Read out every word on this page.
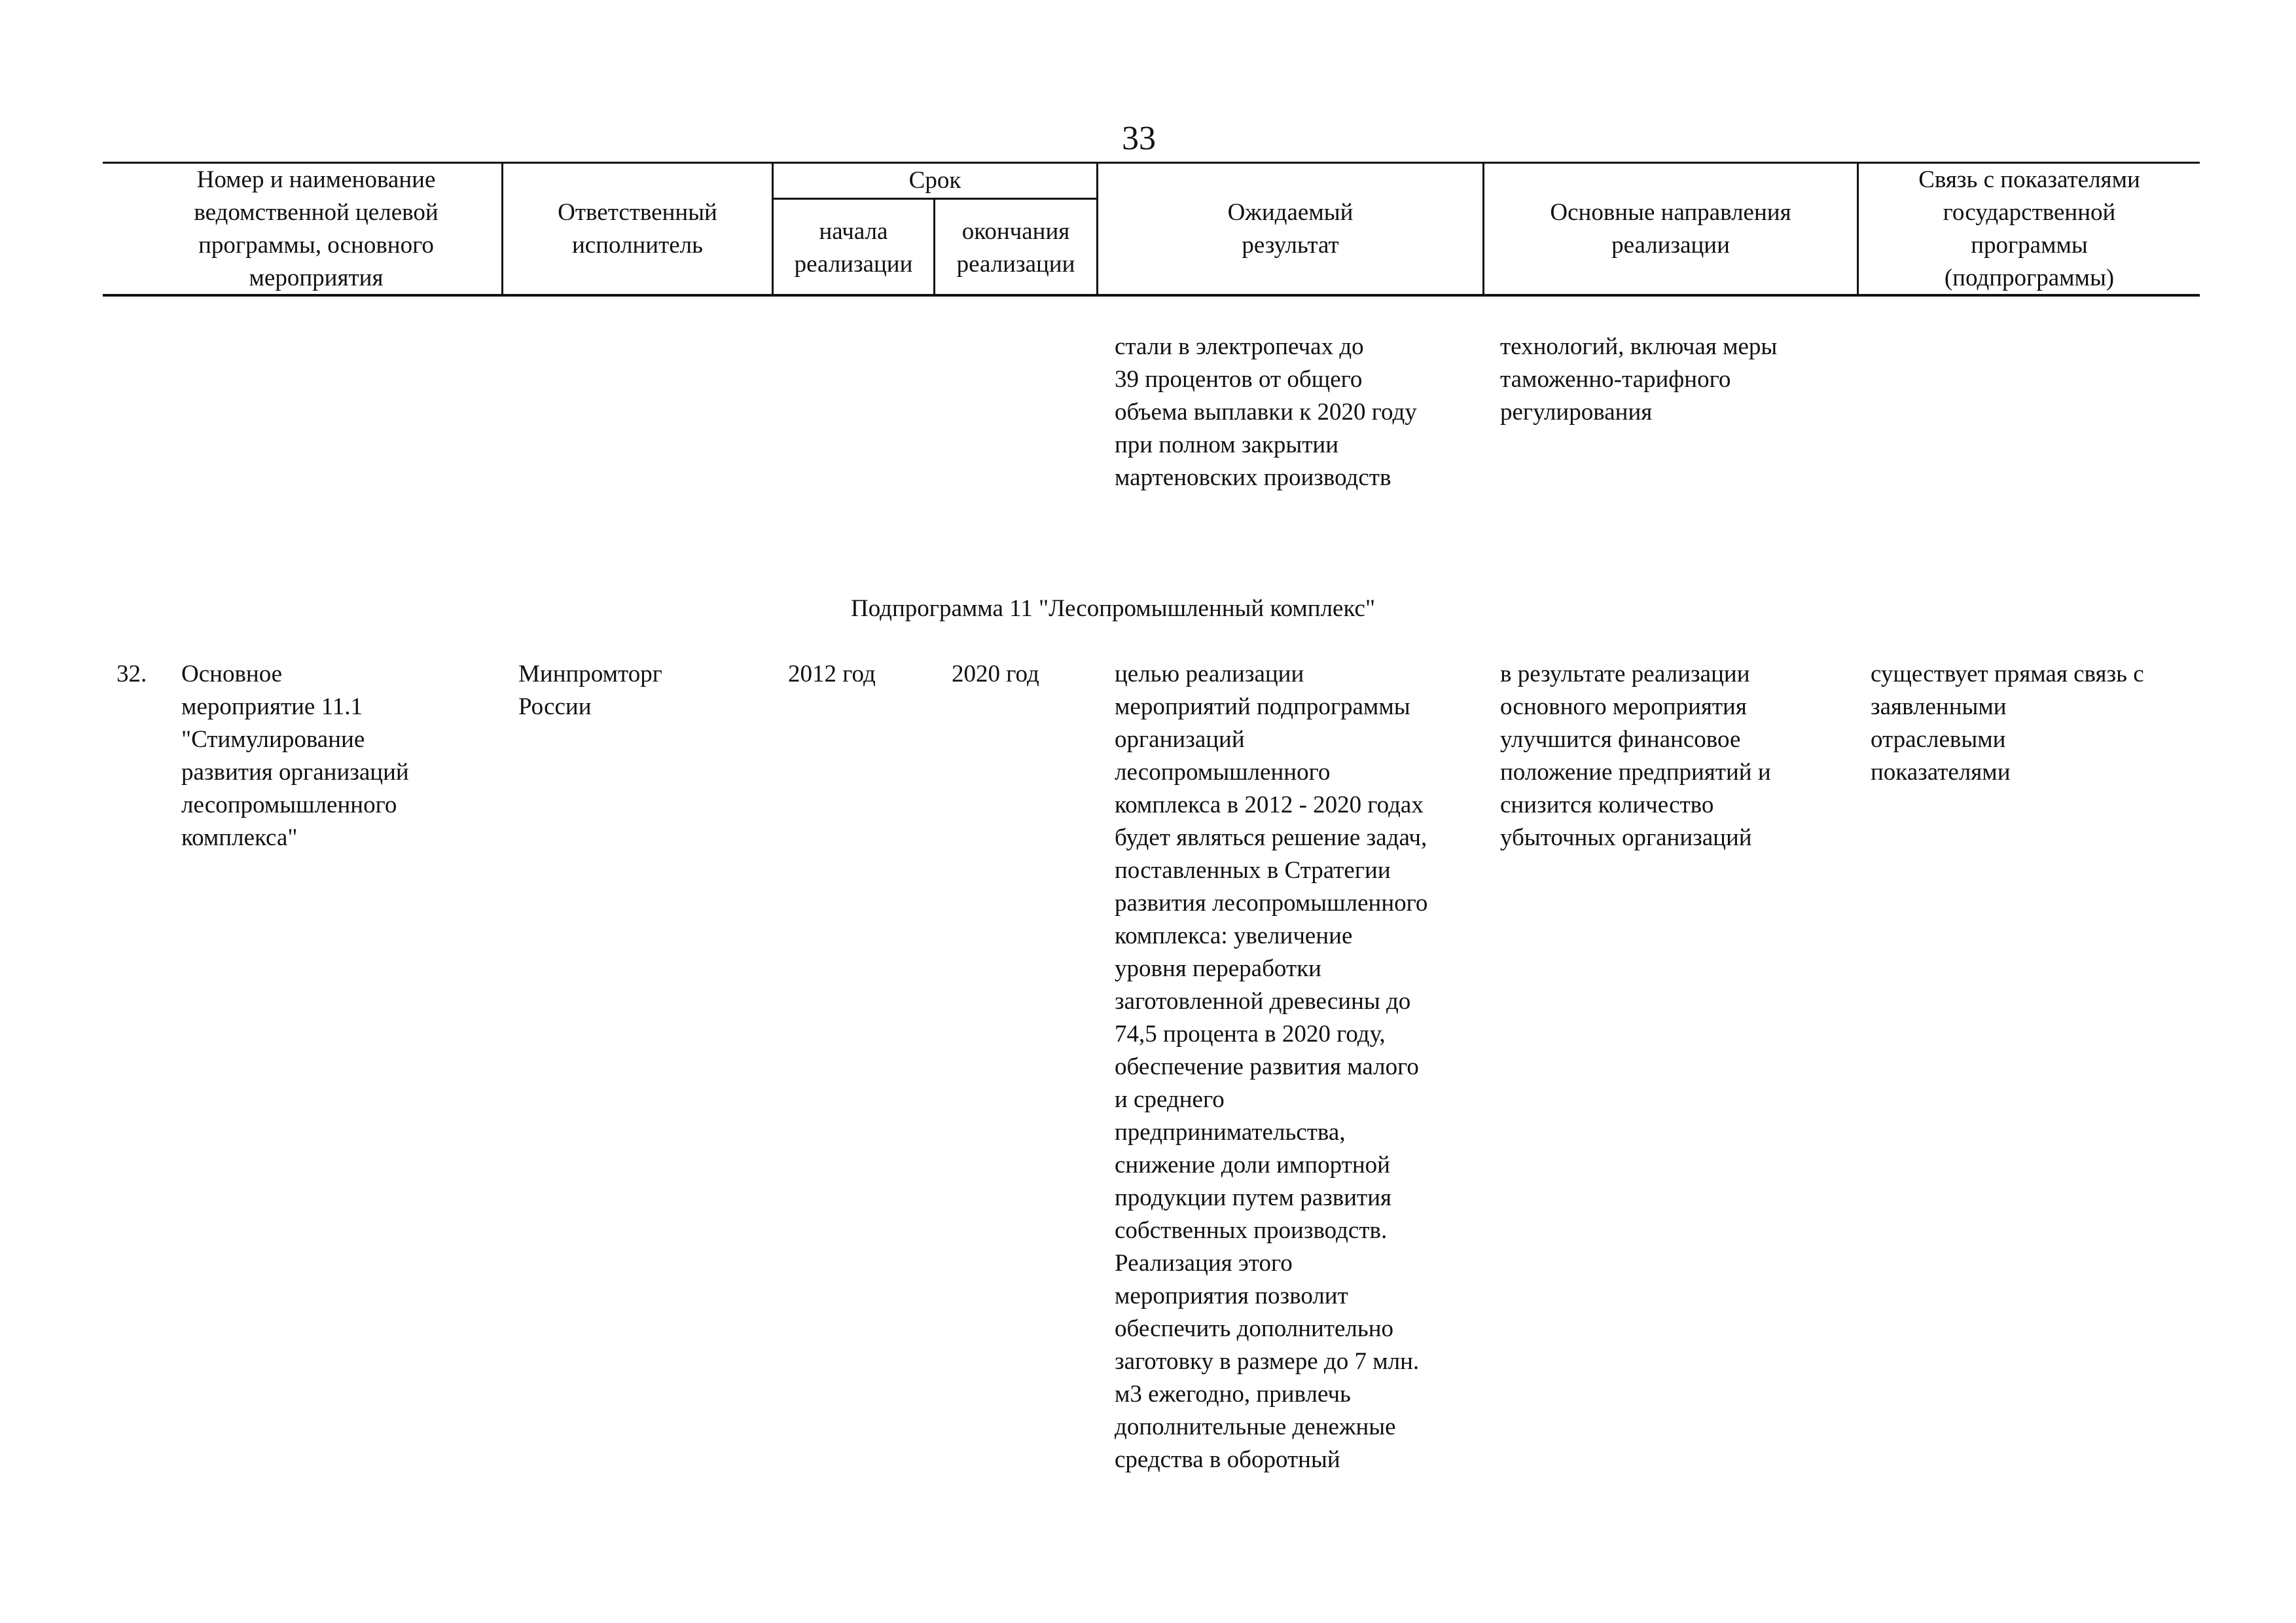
33
Номер и наименование
ведомственной целевой
программы, основного
мероприятия
Ответственный
исполнитель
Срок
начала
реализации
окончания
реализации
Ожидаемый
результат
Основные направления
реализации
Связь с показателями
государственной
программы
(подпрограммы)
стали в электропечах до
39 процентов от общего
объема выплавки к 2020 году
при полном закрытии
мартеновских производств
технологий, включая меры
таможенно-тарифного
регулирования
Подпрограмма 11 "Лесопромышленный комплекс"
32. Основное
мероприятие 11.1
"Стимулирование
развития организаций
лесопромышленного
комплекса"
Минпромторг
России
2012 год	2020 год	целью реализации
мероприятий подпрограммы
организаций
лесопромышленного
комплекса в 2012 - 2020 годах
будет являться решение задач,
поставленных в Стратегии
развития лесопромышленного
комплекса: увеличение
уровня переработки
заготовленной древесины до
74,5 процента в 2020 году,
обеспечение развития малого
и среднего
предпринимательства,
снижение доли импортной
продукции путем развития
собственных производств.
Реализация этого
мероприятия позволит
обеспечить дополнительно
заготовку в размере до 7 млн.
м3 ежегодно, привлечь
дополнительные денежные
средства в оборотный
в результате реализации
основного мероприятия
улучшится финансовое
положение предприятий и
снизится количество
убыточных организаций
существует прямая связь с
заявленными
отраслевыми
показателями
